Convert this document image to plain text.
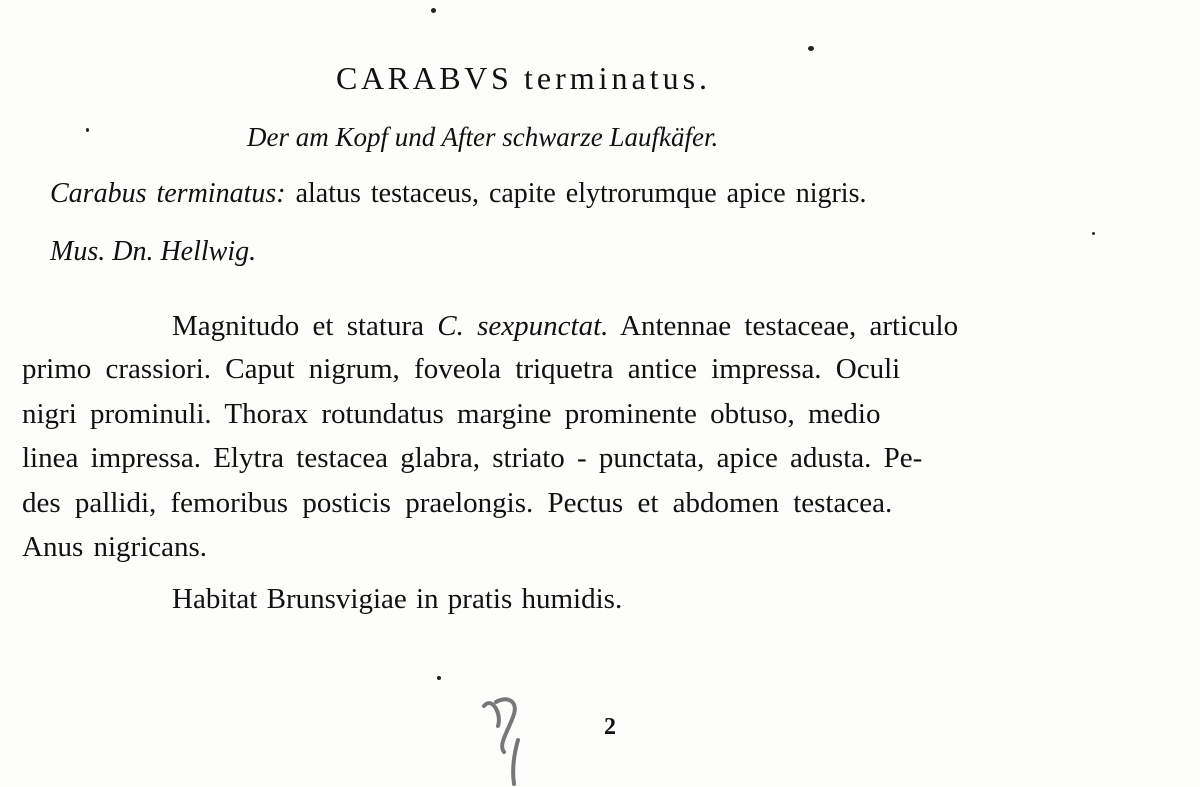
CARABVS terminatus.
Der am Kopf und After schwarze Laufkäfer.
Carabus terminatus: alatus testaceus, capite elytrorumque apice nigris.
Mus. Dn. Hellwig.
Magnitudo et statura C. sexpunctat. Antennae testaceae, articulo
primo crassiori. Caput nigrum, foveola triquetra antice impressa. Oculi
nigri prominuli. Thorax rotundatus margine prominente obtuso, medio
linea impressa. Elytra testacea glabra, striato - punctata, apice adusta. Pe-
des pallidi, femoribus posticis praelongis. Pectus et abdomen testacea.
Anus nigricans.
Habitat Brunsvigiae in pratis humidis.
2
